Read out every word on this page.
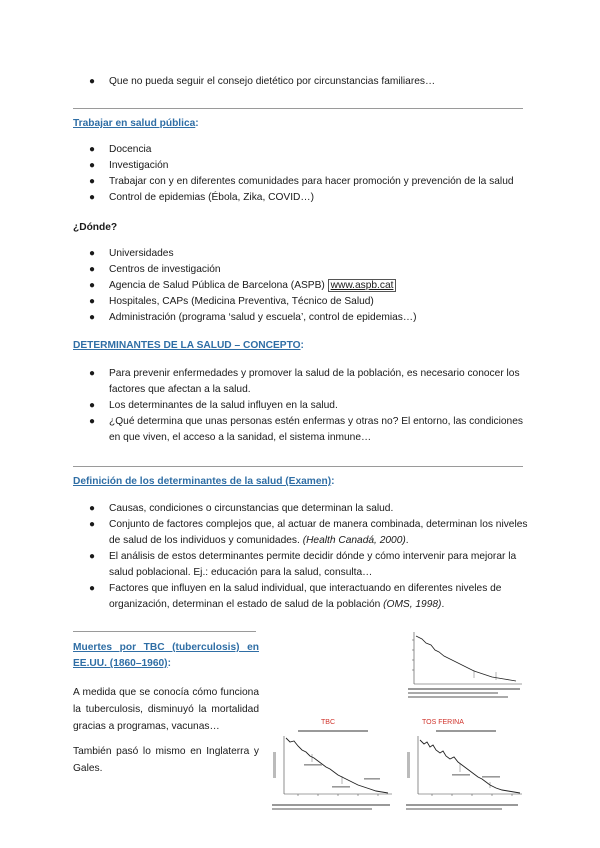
● Que no pueda seguir el consejo dietético por circunstancias familiares…
Trabajar en salud pública:
● Docencia
● Investigación
● Trabajar con y en diferentes comunidades para hacer promoción y prevención de la salud
● Control de epidemias (Ébola, Zika, COVID…)
¿Dónde?
● Universidades
● Centros de investigación
● Agencia de Salud Pública de Barcelona (ASPB) www.aspb.cat
● Hospitales, CAPs (Medicina Preventiva, Técnico de Salud)
● Administración (programa ‘salud y escuela’, control de epidemias…)
DETERMINANTES DE LA SALUD – CONCEPTO:
● Para prevenir enfermedades y promover la salud de la población, es necesario conocer los factores que afectan a la salud.
● Los determinantes de la salud influyen en la salud.
● ¿Qué determina que unas personas estén enfermas y otras no? El entorno, las condiciones en que viven, el acceso a la sanidad, el sistema inmune…
Definición de los determinantes de la salud (Examen):
● Causas, condiciones o circunstancias que determinan la salud.
● Conjunto de factores complejos que, al actuar de manera combinada, determinan los niveles de salud de los individuos y comunidades. (Health Canadá, 2000).
● El análisis de estos determinantes permite decidir dónde y cómo intervenir para mejorar la salud poblacional. Ej.: educación para la salud, consulta…
● Factores que influyen en la salud individual, que interactuando en diferentes niveles de organización, determinan el estado de salud de la población (OMS, 1998).
Muertes por TBC (tuberculosis) en EE.UU. (1860–1960):
A medida que se conocía cómo funciona la tuberculosis, disminuyó la mortalidad gracias a programas, vacunas…
También pasó lo mismo en Inglaterra y Gales.
TBC	TOS FERINA
